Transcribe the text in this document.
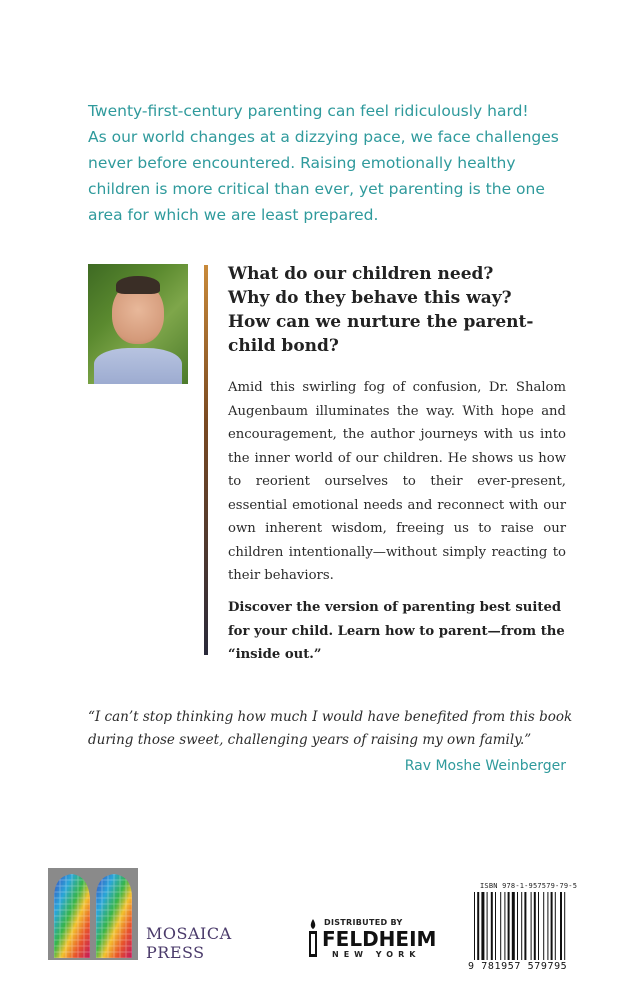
Twenty-first-century parenting can feel ridiculously hard!

As our world changes at a dizzying pace, we face challenges

never before encountered. Raising emotionally healthy

children is more critical than ever, yet parenting is the one

area for which we are least prepared.

What do our children need?
Why do they behave this way?
How can we nurture the parent-
child bond?

Amid this swirling fog of confusion, Dr. Shalom Augenbaum illuminates the way. With hope and encouragement, the author journeys with us into the inner world of our children. He shows us how to reorient ourselves to their ever-present, essential emotional needs and reconnect with our own inherent wisdom, freeing us to raise our children intentionally—without simply reacting to their behaviors.

Discover the version of parenting best suited for your child. Learn how to parent—from the “inside out.”

“I can’t stop thinking how much I would have benefited from this book during those sweet, challenging years of raising my own family.”

Rav Moshe Weinberger
MOSAICA
PRESS
DISTRIBUTED BY
FELDHEIM
NEW YORK
ISBN 978-1-957579-79-5
9 781957 579795
